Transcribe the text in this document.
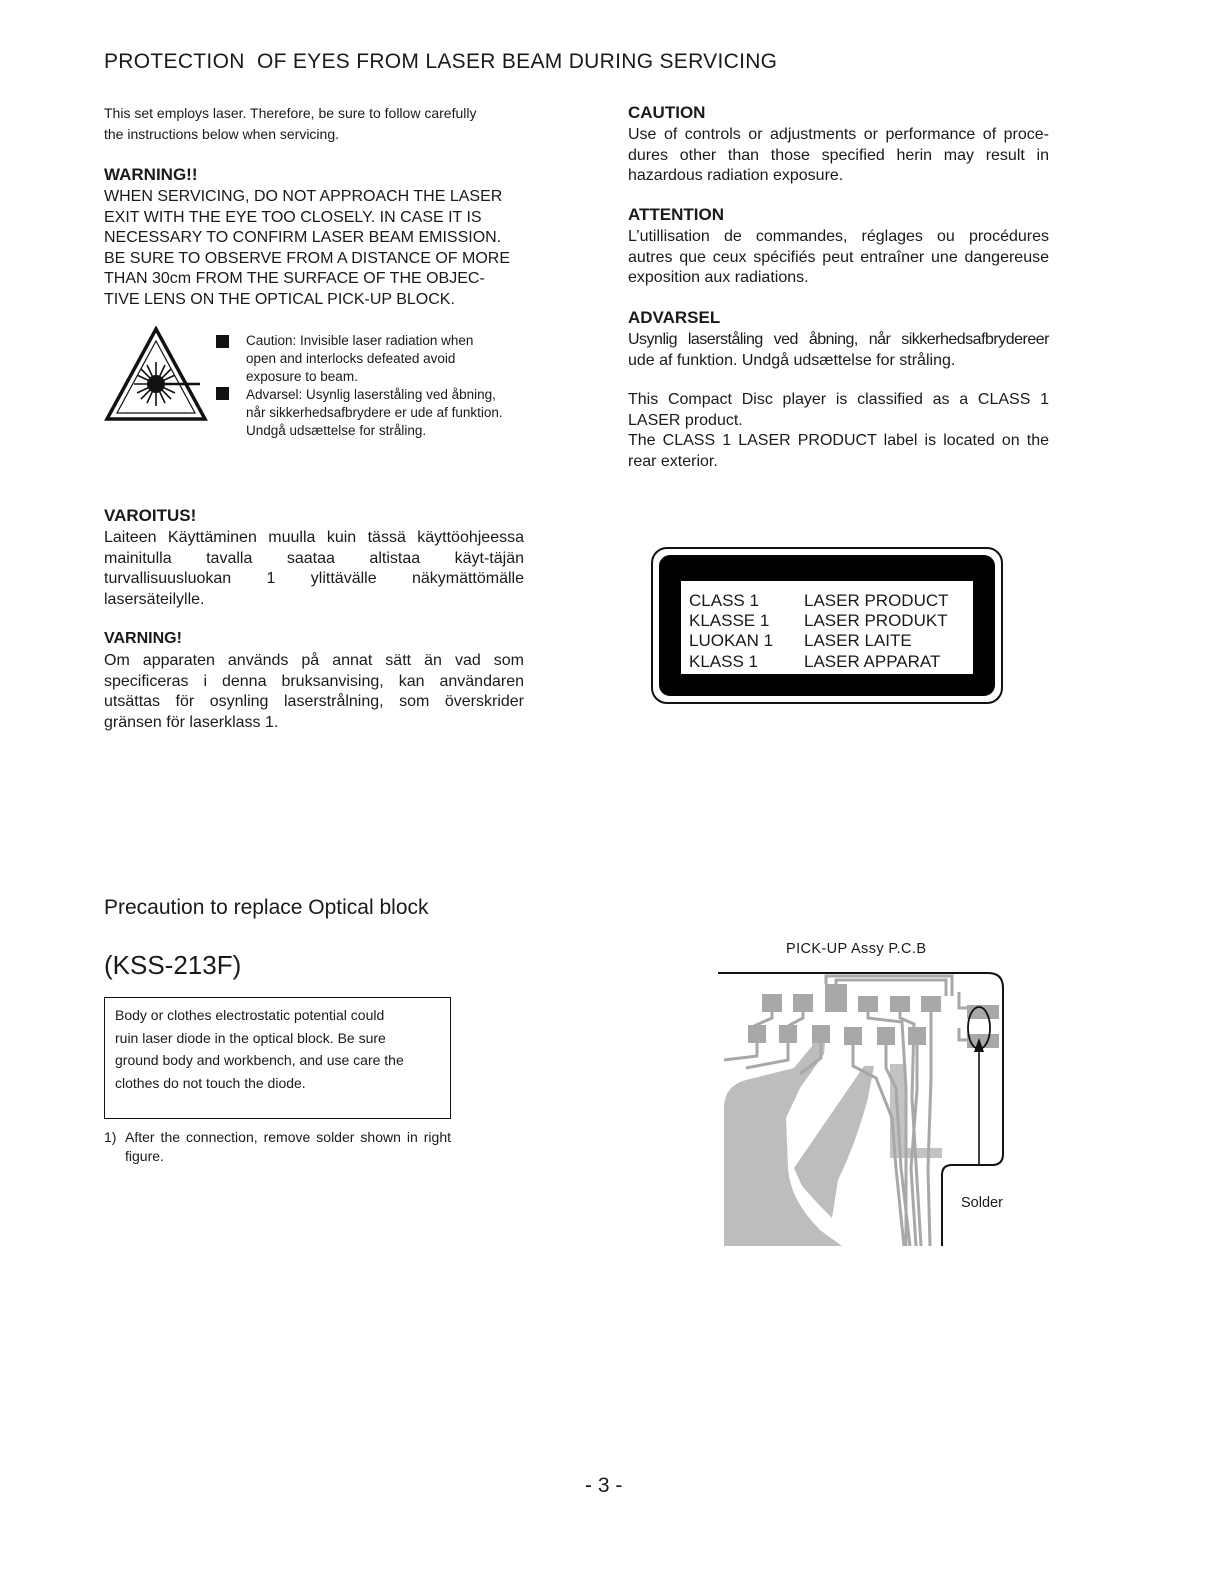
PROTECTION  OF EYES FROM LASER BEAM DURING SERVICING
This set employs laser. Therefore, be sure to follow carefully
the instructions below when servicing.
WARNING!!
WHEN SERVICING, DO NOT APPROACH THE LASER
EXIT WITH THE EYE TOO CLOSELY. IN CASE IT IS
NECESSARY TO CONFIRM LASER BEAM EMISSION.
BE SURE TO OBSERVE FROM A DISTANCE OF MORE
THAN 30cm FROM THE SURFACE OF THE OBJEC-
TIVE LENS ON THE OPTICAL PICK-UP BLOCK.
Caution: Invisible laser radiation when
open and interlocks defeated avoid
exposure to beam.
Advarsel: Usynlig laserståling ved åbning,
når sikkerhedsafbrydere er ude af funktion.
Undgå udsættelse for stråling.
VAROITUS!
Laiteen Käyttäminen muulla kuin tässä käyttöohjeessa
mainitulla tavalla saataa altistaa käyt-täjän
turvallisuusluokan 1 ylittävälle näkymättömälle
lasersäteilylle.
VARNING!
Om apparaten används på annat sätt än vad som
specificeras i denna bruksanvising, kan användaren
utsättas för osynling laserstrålning, som överskrider
gränsen för laserklass 1.
CAUTION
Use of controls or adjustments or performance of proce-
dures other than those specified herin may result in
hazardous radiation exposure.
ATTENTION
L’utillisation de commandes, réglages ou procédures
autres que ceux spécifiés peut entraîner une dangereuse
exposition aux radiations.
ADVARSEL
Usynlig laserståling ved åbning, når sikkerhedsafbrydereer
ude af funktion. Undgå udsættelse for stråling.
This Compact Disc player is classified as a CLASS 1
LASER product.
The CLASS 1 LASER PRODUCT label is located on the
rear exterior.
CLASS 1	LASER PRODUCT
KLASSE 1 LASER PRODUKT
LUOKAN 1 LASER LAITE
KLASS 1	LASER APPARAT
Precaution to replace Optical block
(KSS-213F)
Body or clothes electrostatic potential could
ruin laser diode in the optical block. Be sure
ground body and workbench, and use care the
clothes do not touch the diode.
1) After the connection, remove solder shown in right figure.
PICK-UP Assy P.C.B
Solder
- 3 -
